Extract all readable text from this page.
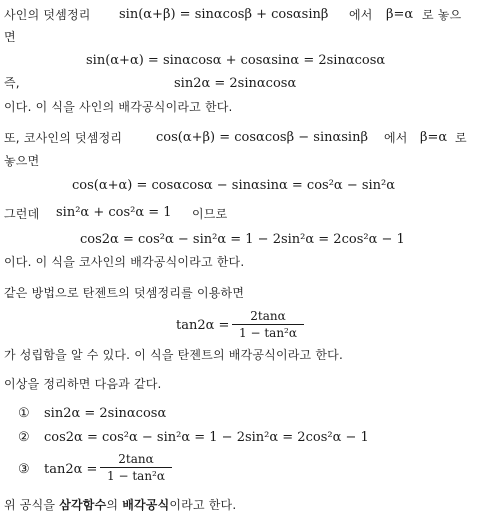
사인의 덧셈정리 sin(α+β) = sinαcosβ + cosαsinβ 에서 β=α 로 놓으
면
sin(α+α) = sinαcosα + cosαsinα = 2sinαcosα
즉,	sin2α = 2sinαcosα
이다. 이 식을 사인의 배각공식이라고 한다.
또, 코사인의 덧셈정리	cos(α+β) = cosαcosβ − sinαsinβ 에서 β=α 로
놓으면
cos(α+α) = cosαcosα − sinαsinα = cos²α − sin²α
그런데 sin²α + cos²α = 1 이므로
cos2α = cos²α − sin²α = 1 − 2sin²α = 2cos²α − 1
이다. 이 식을 코사인의 배각공식이라고 한다.
같은 방법으로 탄젠트의 덧셈정리를 이용하면
tan2α =
2tanα
1 − tan²α
가 성립함을 알 수 있다. 이 식을 탄젠트의 배각공식이라고 한다.
이상을 정리하면 다음과 같다.
① sin2α = 2sinαcosα
② cos2α = cos²α − sin²α = 1 − 2sin²α = 2cos²α − 1
③ tan2α =
2tanα
1 − tan²α
위 공식을 삼각함수의 배각공식이라고 한다.
